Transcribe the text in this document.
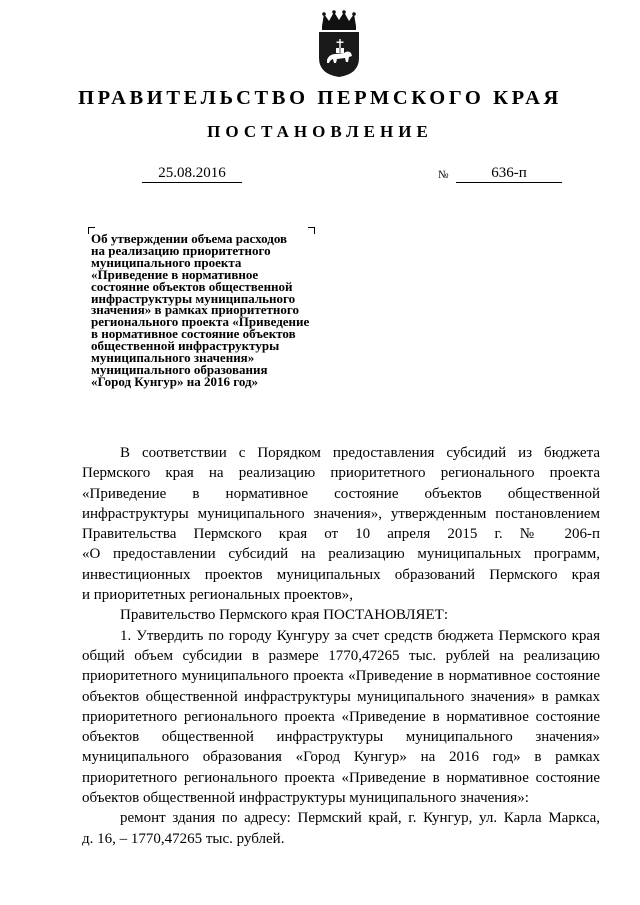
ПРАВИТЕЛЬСТВО ПЕРМСКОГО КРАЯ
ПОСТАНОВЛЕНИЕ
25.08.2016	№	636-п
Об утверждении объема расходов
на реализацию приоритетного
муниципального проекта
«Приведение в нормативное
состояние объектов общественной
инфраструктуры муниципального
значения» в рамках приоритетного
регионального проекта «Приведение
в нормативное состояние объектов
общественной инфраструктуры
муниципального значения»
муниципального образования
«Город Кунгур» на 2016 год»
В соответствии с Порядком предоставления субсидий из бюджета
Пермского края на реализацию приоритетного регионального проекта
«Приведение в нормативное состояние объектов общественной
инфраструктуры муниципального значения», утвержденным постановлением
Правительства Пермского края от 10 апреля 2015 г. № 206-п
«О предоставлении субсидий на реализацию муниципальных программ,
инвестиционных проектов муниципальных образований Пермского края
и приоритетных региональных проектов»,
Правительство Пермского края ПОСТАНОВЛЯЕТ:
1. Утвердить по городу Кунгуру за счет средств бюджета Пермского края
общий объем субсидии в размере 1770,47265 тыс. рублей на реализацию
приоритетного муниципального проекта «Приведение в нормативное состояние
объектов общественной инфраструктуры муниципального значения» в рамках
приоритетного регионального проекта «Приведение в нормативное состояние
объектов общественной инфраструктуры муниципального значения»
муниципального образования «Город Кунгур» на 2016 год» в рамках
приоритетного регионального проекта «Приведение в нормативное состояние
объектов общественной инфраструктуры муниципального значения»:
ремонт здания по адресу: Пермский край, г. Кунгур, ул. Карла Маркса,
д. 16, – 1770,47265 тыс. рублей.
